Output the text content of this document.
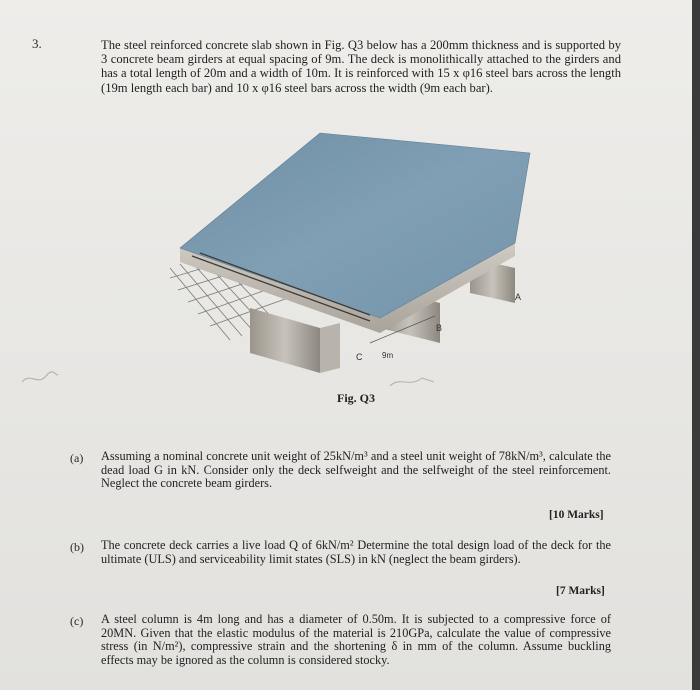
3.	The steel reinforced concrete slab shown in Fig. Q3 below has a 200mm thickness and is supported by 3 concrete beam girders at equal spacing of 9m. The deck is monolithically attached to the girders and has a total length of 20m and a width of 10m. It is reinforced with 15 x φ16 steel bars across the length (19m length each bar) and 10 x φ16 steel bars across the width (9m each bar).
C
B
A
9m
Fig. Q3
(a) Assuming a nominal concrete unit weight of 25kN/m³ and a steel unit weight of 78kN/m³, calculate the dead load G in kN. Consider only the deck selfweight and the selfweight of the steel reinforcement. Neglect the concrete beam girders.
[10 Marks]
(b) The concrete deck carries a live load Q of 6kN/m² Determine the total design load of the deck for the ultimate (ULS) and serviceability limit states (SLS) in kN (neglect the beam girders).
[7 Marks]
(c) A steel column is 4m long and has a diameter of 0.50m. It is subjected to a compressive force of 20MN. Given that the elastic modulus of the material is 210GPa, calculate the value of compressive stress (in N/m²), compressive strain and the shortening δ in mm of the column. Assume buckling effects may be ignored as the column is considered stocky.
